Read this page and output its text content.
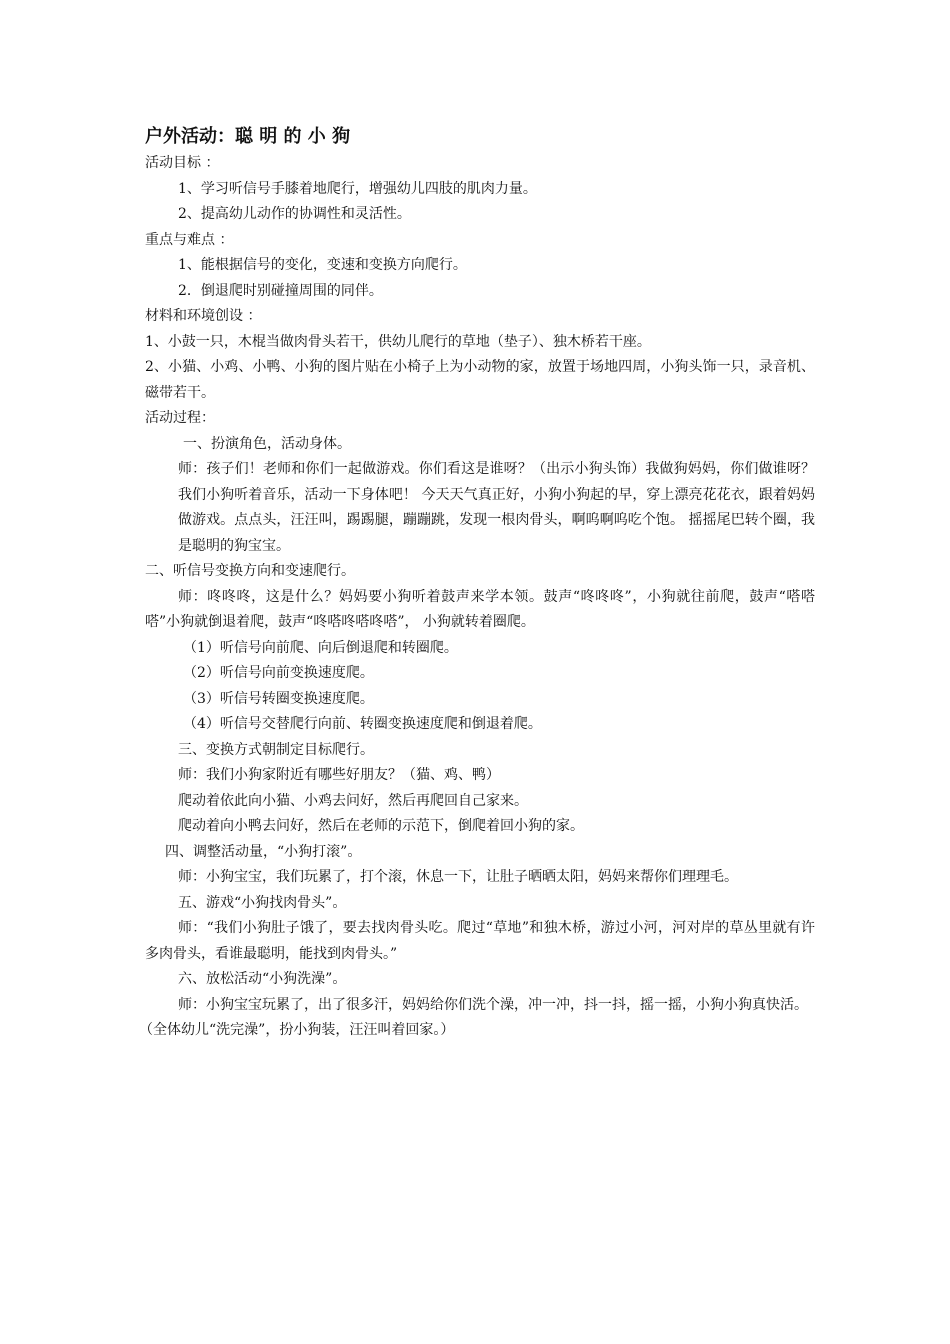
户外活动：聪 明 的 小 狗
活动目标 ：
1、学习听信号手膝着地爬行，增强幼儿四肢的肌肉力量。
2、提高幼儿动作的协调性和灵活性。
重点与难点 ：
1、能根据信号的变化，变速和变换方向爬行。
2．倒退爬时别碰撞周围的同伴。
材料和环境创设 ：
1、小鼓一只，木棍当做肉骨头若干，供幼儿爬行的草地（垫子）、独木桥若干座。
2、小猫、小鸡、小鸭、小狗的图片贴在小椅子上为小动物的家，放置于场地四周，小狗头饰一只，录音机、磁带若干。
活动过程：
一、扮演角色，活动身体。
师：孩子们！老师和你们一起做游戏。你们看这是谁呀？（出示小狗头饰）我做狗妈妈，你们做谁呀？我们小狗听着音乐，活动一下身体吧！ 今天天气真正好，小狗小狗起的早，穿上漂亮花花衣，跟着妈妈做游戏。点点头，汪汪叫，踢踢腿，蹦蹦跳，发现一根肉骨头，啊呜啊呜吃个饱。 摇摇尾巴转个圈，我是聪明的狗宝宝。
二、听信号变换方向和变速爬行。
师：咚咚咚，这是什么？妈妈要小狗听着鼓声来学本领。鼓声“咚咚咚”，小狗就往前爬，鼓声“嗒嗒嗒”小狗就倒退着爬，鼓声“咚嗒咚嗒咚嗒”， 小狗就转着圈爬。
（1）听信号向前爬、向后倒退爬和转圈爬。
（2）听信号向前变换速度爬。
（3）听信号转圈变换速度爬。
（4）听信号交替爬行向前、转圈变换速度爬和倒退着爬。
三、变换方式朝制定目标爬行。
师：我们小狗家附近有哪些好朋友？（猫、鸡、鸭）
爬动着依此向小猫、小鸡去问好，然后再爬回自己家来。
爬动着向小鸭去问好，然后在老师的示范下，倒爬着回小狗的家。
四、调整活动量，“小狗打滚”。
师：小狗宝宝，我们玩累了，打个滚，休息一下，让肚子晒晒太阳，妈妈来帮你们理理毛。
五、游戏“小狗找肉骨头”。
师：“我们小狗肚子饿了，要去找肉骨头吃。爬过“草地”和独木桥，游过小河，河对岸的草丛里就有许多肉骨头，看谁最聪明，能找到肉骨头。”
六、放松活动“小狗洗澡”。
师：小狗宝宝玩累了，出了很多汗，妈妈给你们洗个澡，冲一冲，抖一抖，摇一摇，小狗小狗真快活。
（全体幼儿“洗完澡”，扮小狗装，汪汪叫着回家。）
